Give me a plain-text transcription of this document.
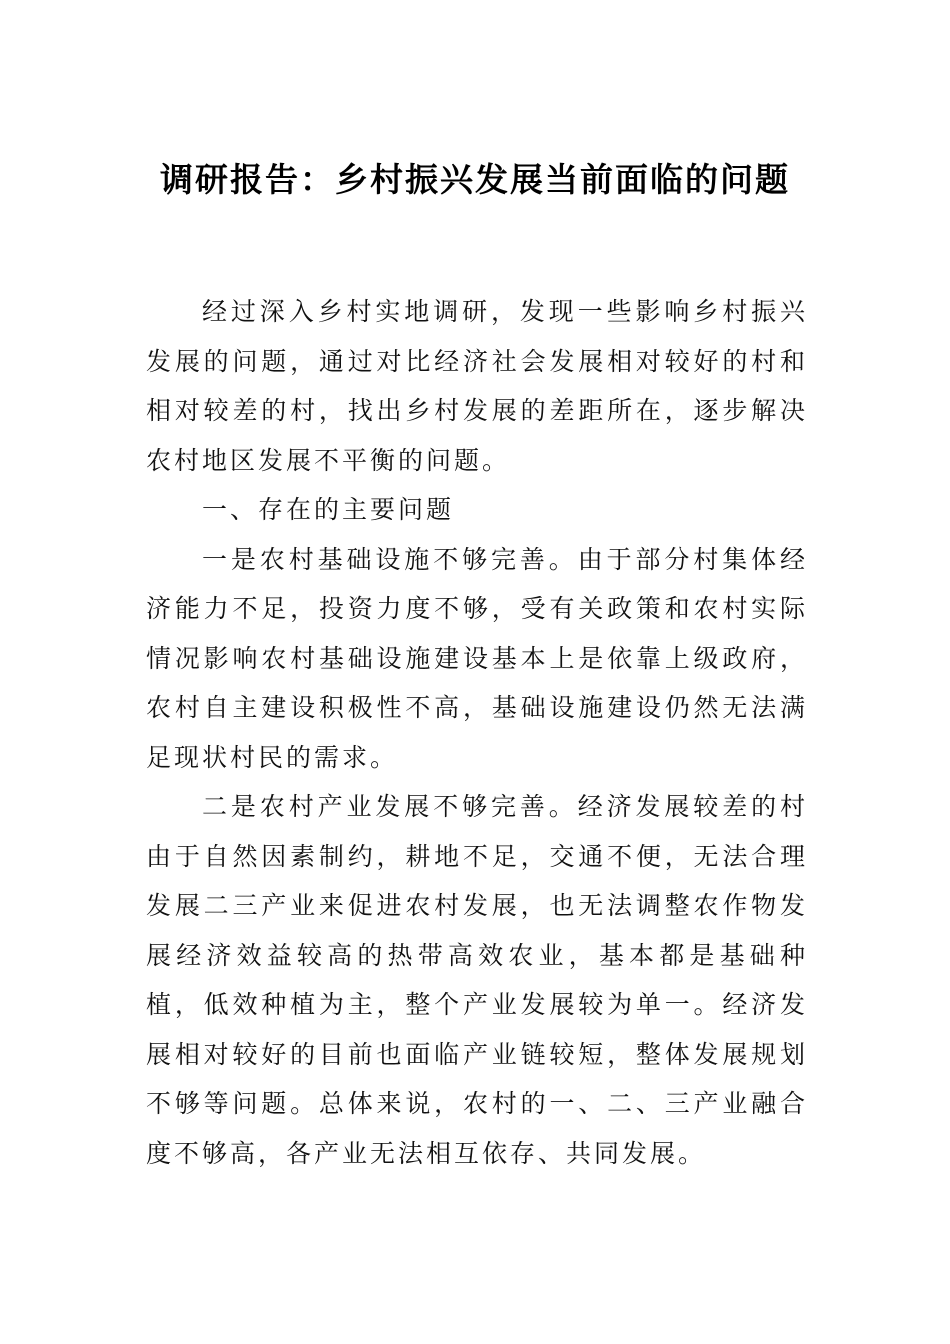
调研报告：乡村振兴发展当前面临的问题

经过深入乡村实地调研，发现一些影响乡村振兴发展的问题，通过对比经济社会发展相对较好的村和相对较差的村，找出乡村发展的差距所在，逐步解决农村地区发展不平衡的问题。

一、存在的主要问题

一是农村基础设施不够完善。由于部分村集体经济能力不足，投资力度不够，受有关政策和农村实际情况影响农村基础设施建设基本上是依靠上级政府，农村自主建设积极性不高，基础设施建设仍然无法满足现状村民的需求。

二是农村产业发展不够完善。经济发展较差的村由于自然因素制约，耕地不足，交通不便，无法合理发展二三产业来促进农村发展，也无法调整农作物发展经济效益较高的热带高效农业，基本都是基础种植，低效种植为主，整个产业发展较为单一。经济发展相对较好的目前也面临产业链较短，整体发展规划不够等问题。总体来说，农村的一、二、三产业融合度不够高，各产业无法相互依存、共同发展。
